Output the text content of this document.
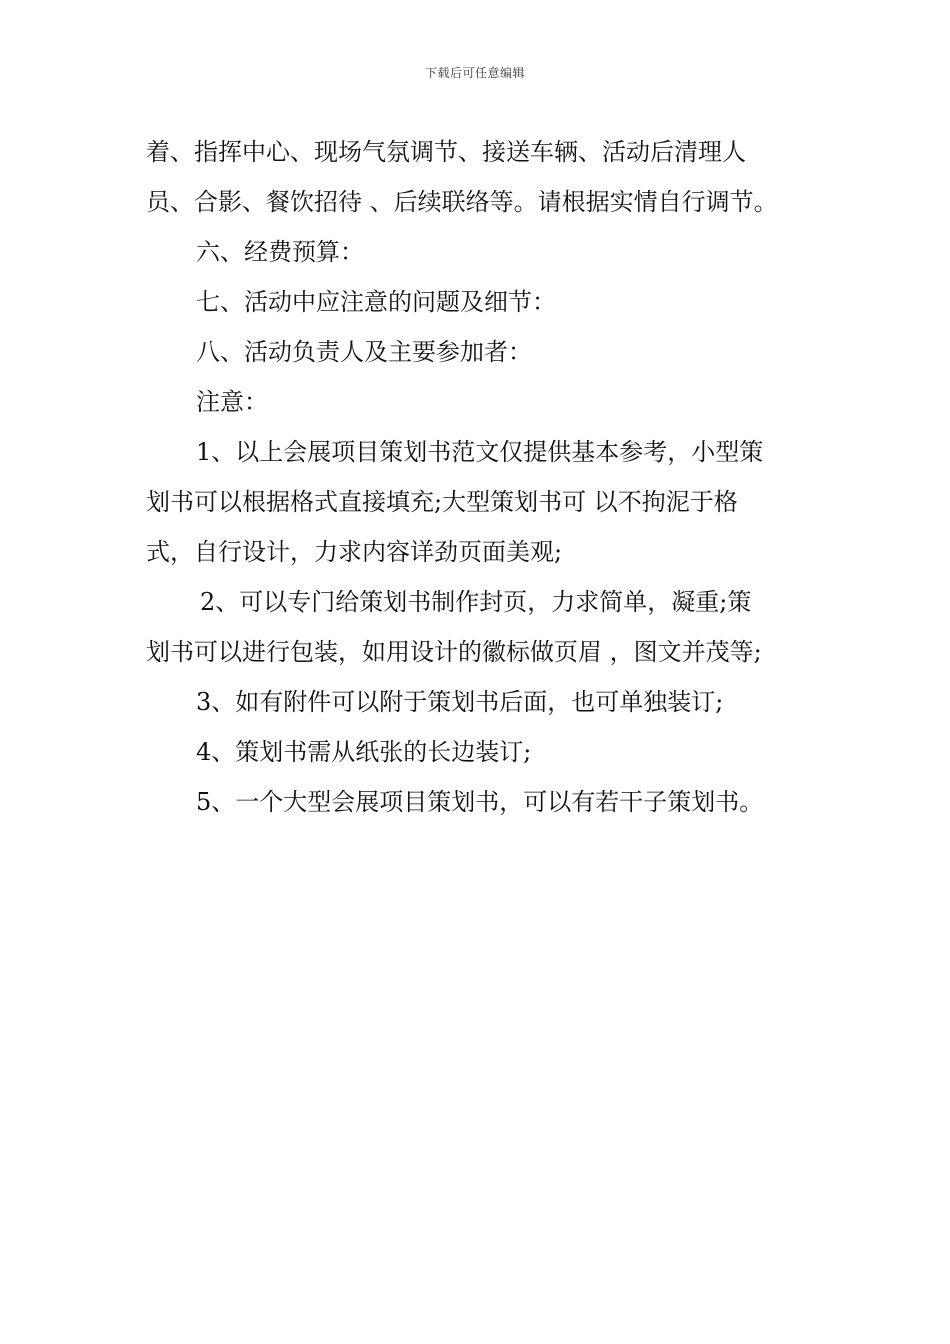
下载后可任意编辑
着、指挥中心、现场气氛调节、接送车辆、活动后清理人
员、合影、餐饮招待 、后续联络等。请根据实情自行调节。
六、经费预算：
七、活动中应注意的问题及细节：
八、活动负责人及主要参加者：
注意：
1、以上会展项目策划书范文仅提供基本参考，小型策
划书可以根据格式直接填充;大型策划书可 以不拘泥于格
式，自行设计，力求内容详劲页面美观;
2、可以专门给策划书制作封页，力求简单，凝重;策
划书可以进行包装，如用设计的徽标做页眉 ，图文并茂等;
3、如有附件可以附于策划书后面，也可单独装订;
4、策划书需从纸张的长边装订;
5、一个大型会展项目策划书，可以有若干子策划书。
